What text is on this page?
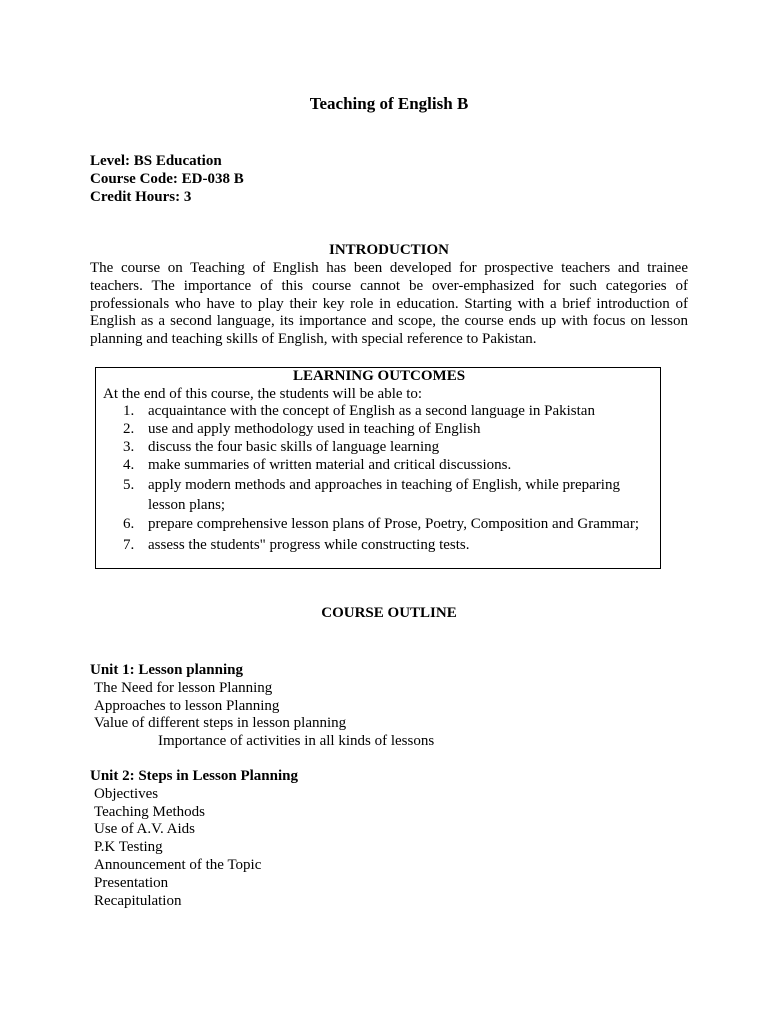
Teaching of English B
Level: BS Education
Course Code: ED-038 B
Credit Hours: 3
INTRODUCTION
The course on Teaching of English has been developed for prospective teachers and trainee teachers. The importance of this course cannot be over-emphasized for such categories of professionals who have to play their key role in education. Starting with a brief introduction of English as a second language, its importance and scope, the course ends up with focus on lesson planning and teaching skills of English, with special reference to Pakistan.
LEARNING OUTCOMES
At the end of this course, the students will be able to:
1. acquaintance with the concept of English as a second language in Pakistan
2. use and apply methodology used in teaching of English
3. discuss the four basic skills of language learning
4. make summaries of written material and critical discussions.
5. apply modern methods and approaches in teaching of English, while preparing lesson plans;
6. prepare comprehensive lesson plans of Prose, Poetry, Composition and Grammar;
7. assess the students" progress while constructing tests.
COURSE OUTLINE
Unit 1: Lesson planning
The Need for lesson Planning
Approaches to lesson Planning
Value of different steps in lesson planning
Importance of activities in all kinds of lessons
Unit 2: Steps in Lesson Planning
Objectives
Teaching Methods
Use of A.V. Aids
P.K Testing
Announcement of the Topic
Presentation
Recapitulation
